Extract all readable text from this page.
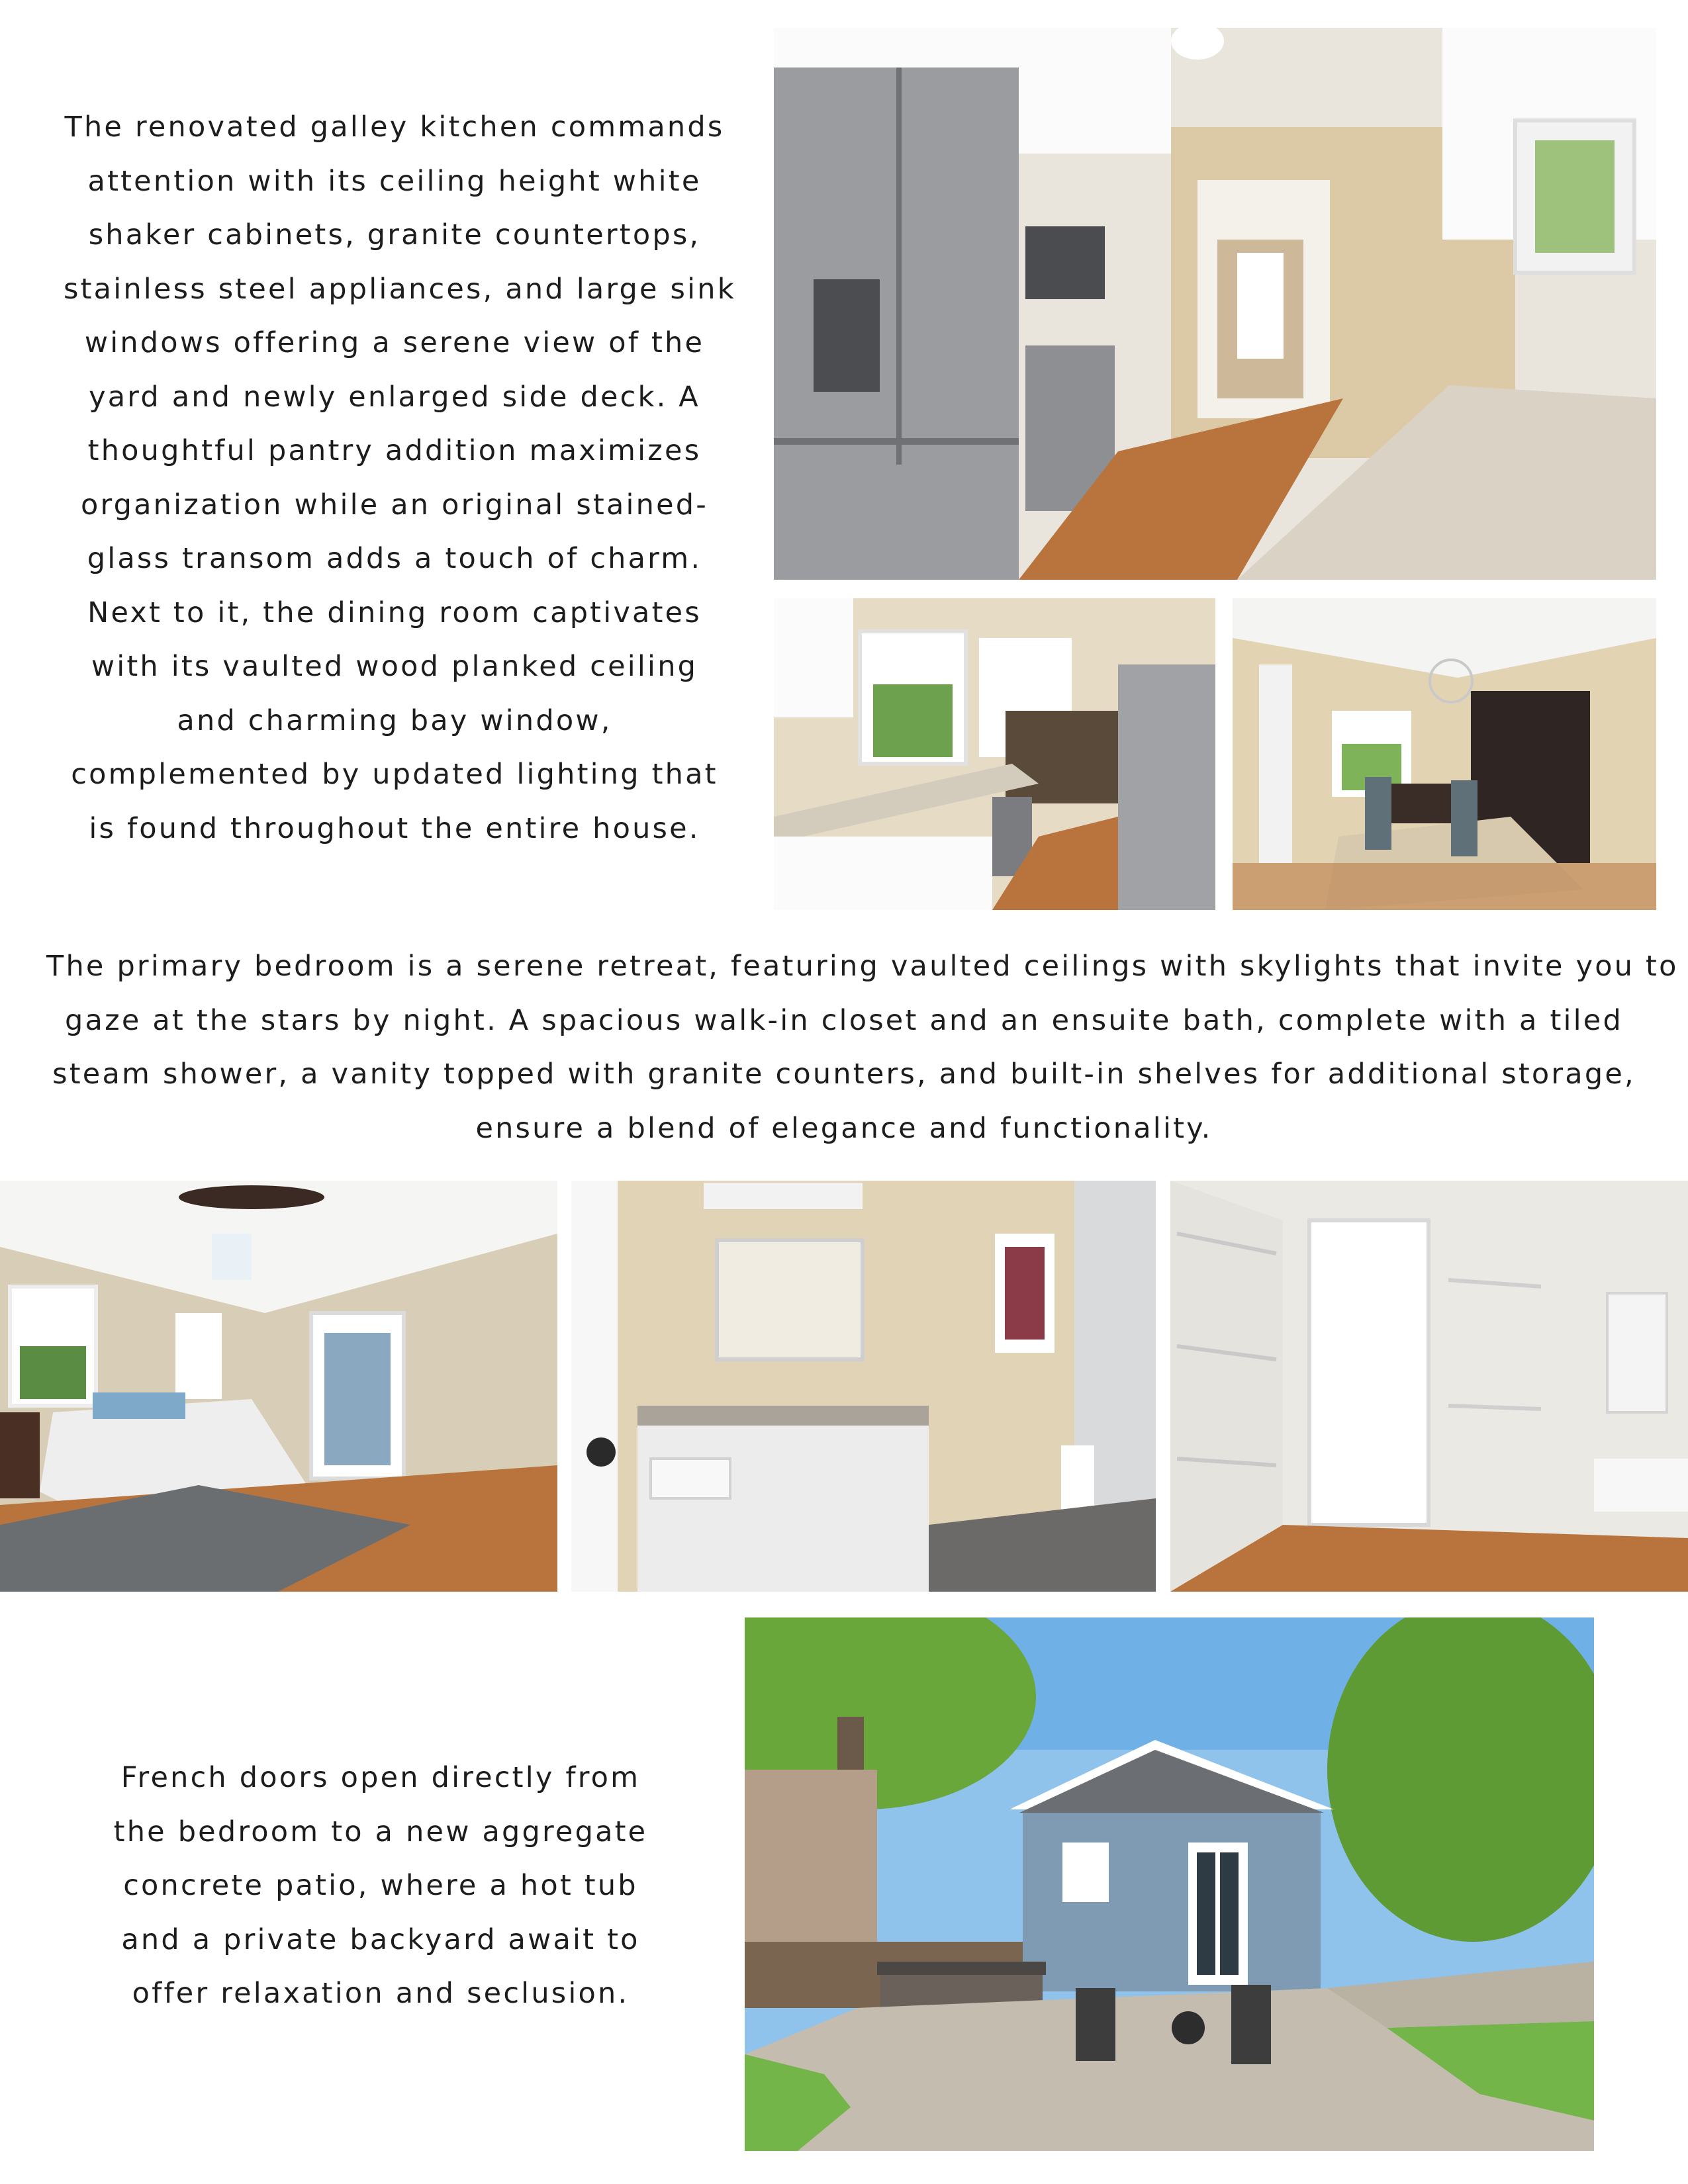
The renovated galley kitchen commands
attention with its ceiling height white
shaker cabinets, granite countertops,
stainless steel appliances, and large sink
windows offering a serene view of the
yard and newly enlarged side deck. A
thoughtful pantry addition maximizes
organization while an original stained-
glass transom adds a touch of charm.
Next to it, the dining room captivates
with its vaulted wood planked ceiling
and charming bay window,
complemented by updated lighting that
is found throughout the entire house.
The primary bedroom is a serene retreat, featuring vaulted ceilings with skylights that invite you to
gaze at the stars by night. A spacious walk-in closet and an ensuite bath, complete with a tiled
steam shower, a vanity topped with granite counters, and built-in shelves for additional storage,
ensure a blend of elegance and functionality.
French doors open directly from
the bedroom to a new aggregate
concrete patio, where a hot tub
and a private backyard await to
offer relaxation and seclusion.
